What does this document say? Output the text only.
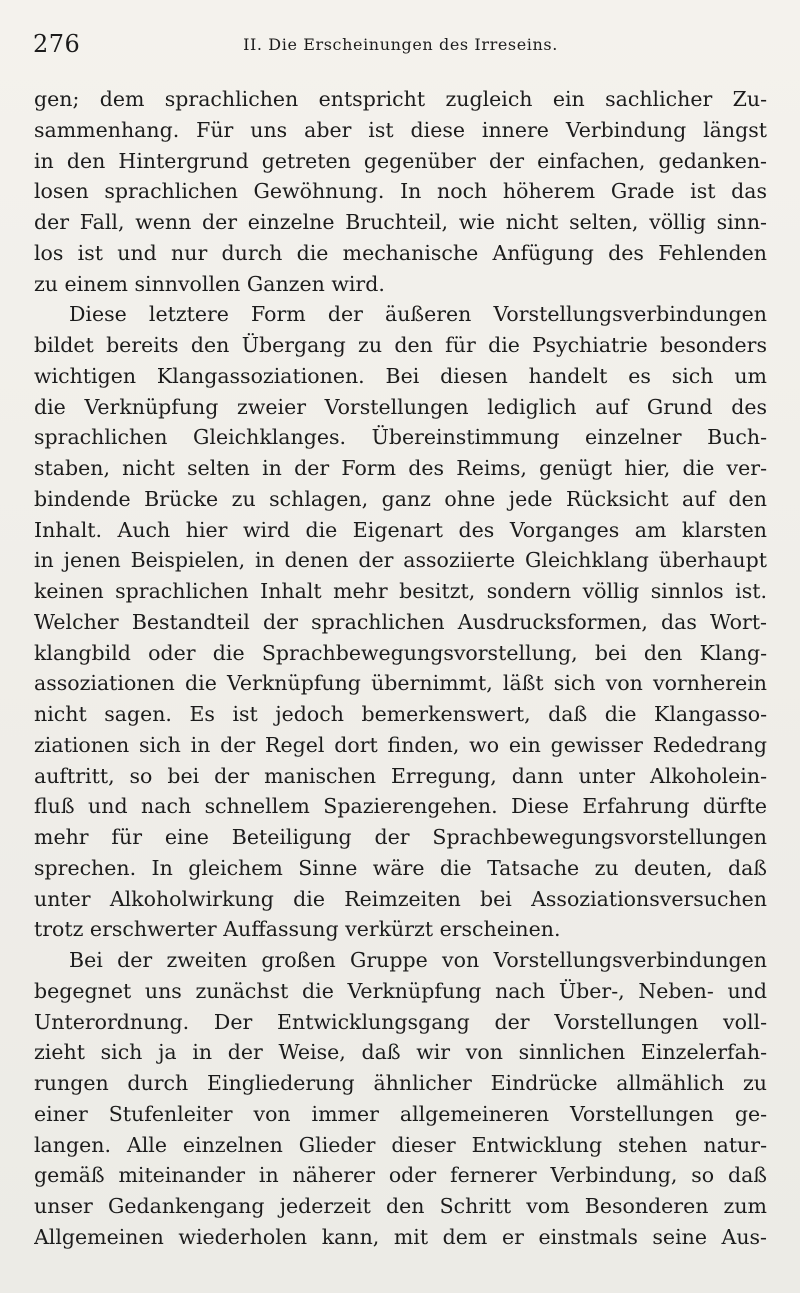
276	II. Die Erscheinungen des Irreseins.
gen; dem sprachlichen entspricht zugleich ein sachlicher Zu-
sammenhang. Für uns aber ist diese innere Verbindung längst
in den Hintergrund getreten gegenüber der einfachen, gedanken-
losen sprachlichen Gewöhnung. In noch höherem Grade ist das
der Fall, wenn der einzelne Bruchteil, wie nicht selten, völlig sinn-
los ist und nur durch die mechanische Anfügung des Fehlenden
zu einem sinnvollen Ganzen wird.
Diese letztere Form der äußeren Vorstellungsverbindungen
bildet bereits den Übergang zu den für die Psychiatrie besonders
wichtigen Klangassoziationen. Bei diesen handelt es sich um
die Verknüpfung zweier Vorstellungen lediglich auf Grund des
sprachlichen Gleichklanges. Übereinstimmung einzelner Buch-
staben, nicht selten in der Form des Reims, genügt hier, die ver-
bindende Brücke zu schlagen, ganz ohne jede Rücksicht auf den
Inhalt. Auch hier wird die Eigenart des Vorganges am klarsten
in jenen Beispielen, in denen der assoziierte Gleichklang überhaupt
keinen sprachlichen Inhalt mehr besitzt, sondern völlig sinnlos ist.
Welcher Bestandteil der sprachlichen Ausdrucksformen, das Wort-
klangbild oder die Sprachbewegungsvorstellung, bei den Klang-
assoziationen die Verknüpfung übernimmt, läßt sich von vornherein
nicht sagen. Es ist jedoch bemerkenswert, daß die Klangasso-
ziationen sich in der Regel dort finden, wo ein gewisser Rededrang
auftritt, so bei der manischen Erregung, dann unter Alkoholein-
fluß und nach schnellem Spazierengehen. Diese Erfahrung dürfte
mehr für eine Beteiligung der Sprachbewegungsvorstellungen
sprechen. In gleichem Sinne wäre die Tatsache zu deuten, daß
unter Alkoholwirkung die Reimzeiten bei Assoziationsversuchen
trotz erschwerter Auffassung verkürzt erscheinen.
Bei der zweiten großen Gruppe von Vorstellungsverbindungen
begegnet uns zunächst die Verknüpfung nach Über-, Neben- und
Unterordnung. Der Entwicklungsgang der Vorstellungen voll-
zieht sich ja in der Weise, daß wir von sinnlichen Einzelerfah-
rungen durch Eingliederung ähnlicher Eindrücke allmählich zu
einer Stufenleiter von immer allgemeineren Vorstellungen ge-
langen. Alle einzelnen Glieder dieser Entwicklung stehen natur-
gemäß miteinander in näherer oder fernerer Verbindung, so daß
unser Gedankengang jederzeit den Schritt vom Besonderen zum
Allgemeinen wiederholen kann, mit dem er einstmals seine Aus-
